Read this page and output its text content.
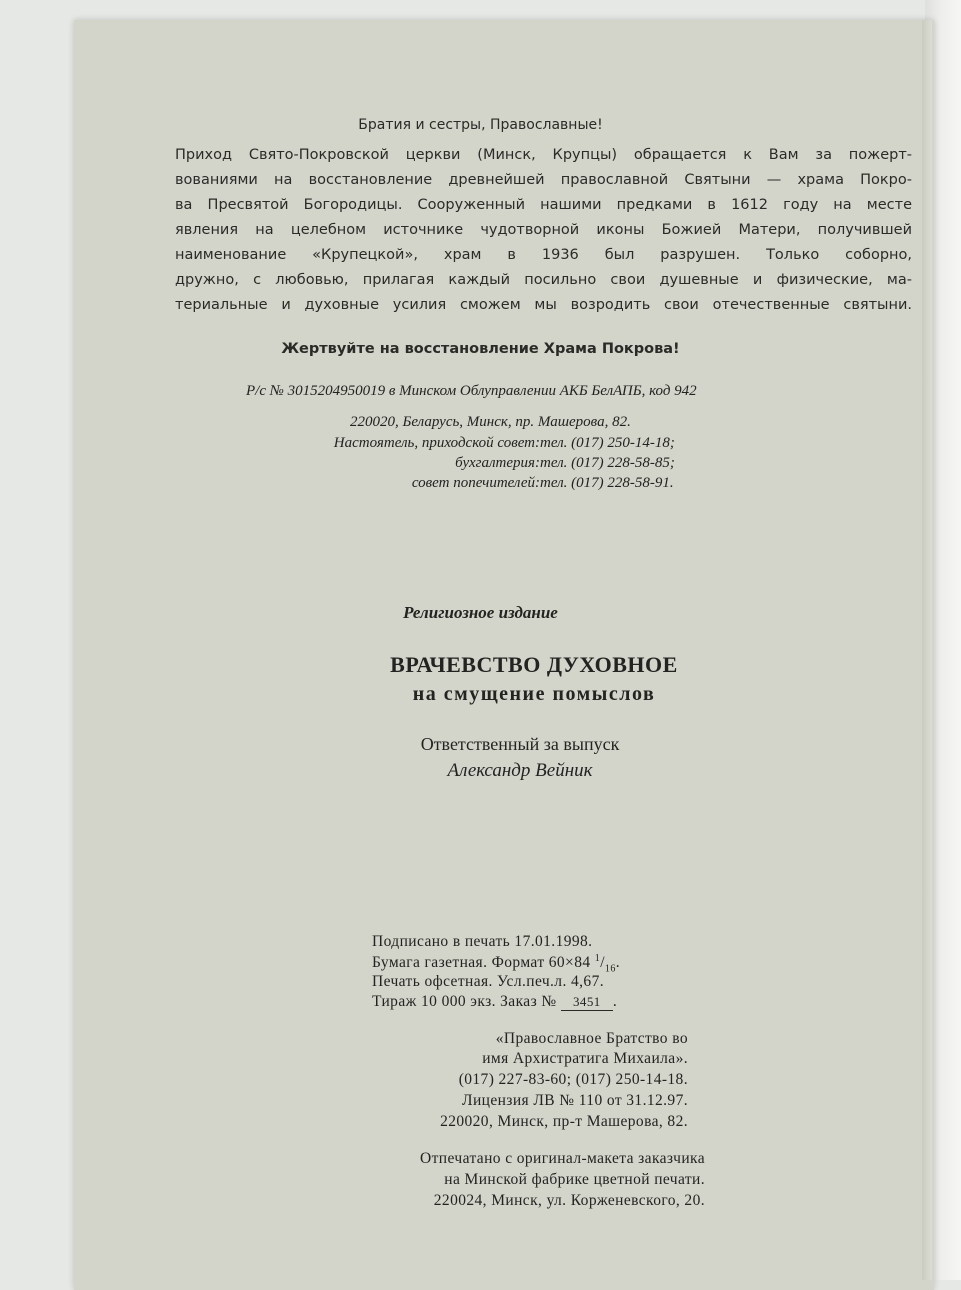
Братия и сестры, Православные!
Приход Свято-Покровской церкви (Минск, Крупцы) обращается к Вам за пожерт-
вованиями на восстановление древнейшей православной Святыни — храма Покро-
ва Пресвятой Богородицы. Сооруженный нашими предками в 1612 году на месте
явления на целебном источнике чудотворной иконы Божией Матери, получившей
наименование «Крупецкой», храм в 1936 был разрушен. Только соборно,
дружно, с любовью, прилагая каждый посильно свои душевные и физические, ма-
териальные и духовные усилия сможем мы возродить свои отечественные святыни.
Жертвуйте на восстановление Храма Покрова!
Р/с № 3015204950019 в Минском Облуправлении АКБ БелАПБ, код 942
220020, Беларусь, Минск, пр. Машерова, 82.
Настоятель, приходской совет: тел. (017) 250-14-18;
бухгалтерия: тел. (017) 228-58-85;
совет попечителей: тел. (017) 228-58-91.
Религиозное издание
ВРАЧЕВСТВО ДУХОВНОЕ
на смущение помыслов
Ответственный за выпуск
Александр Вейник
Подписано в печать 17.01.1998.
Бумага газетная. Формат 60×84 $^1/_{16}$.
Печать офсетная. Усл.печ.л. 4,67.
Тираж 10 000 экз. Заказ № 3451 .
«Православное Братство во
имя Архистратига Михаила».
(017) 227-83-60; (017) 250-14-18.
Лицензия ЛВ № 110 от 31.12.97.
220020, Минск, пр-т Машерова, 82.
Отпечатано с оригинал-макета заказчика
на Минской фабрике цветной печати.
220024, Минск, ул. Корженевского, 20.
